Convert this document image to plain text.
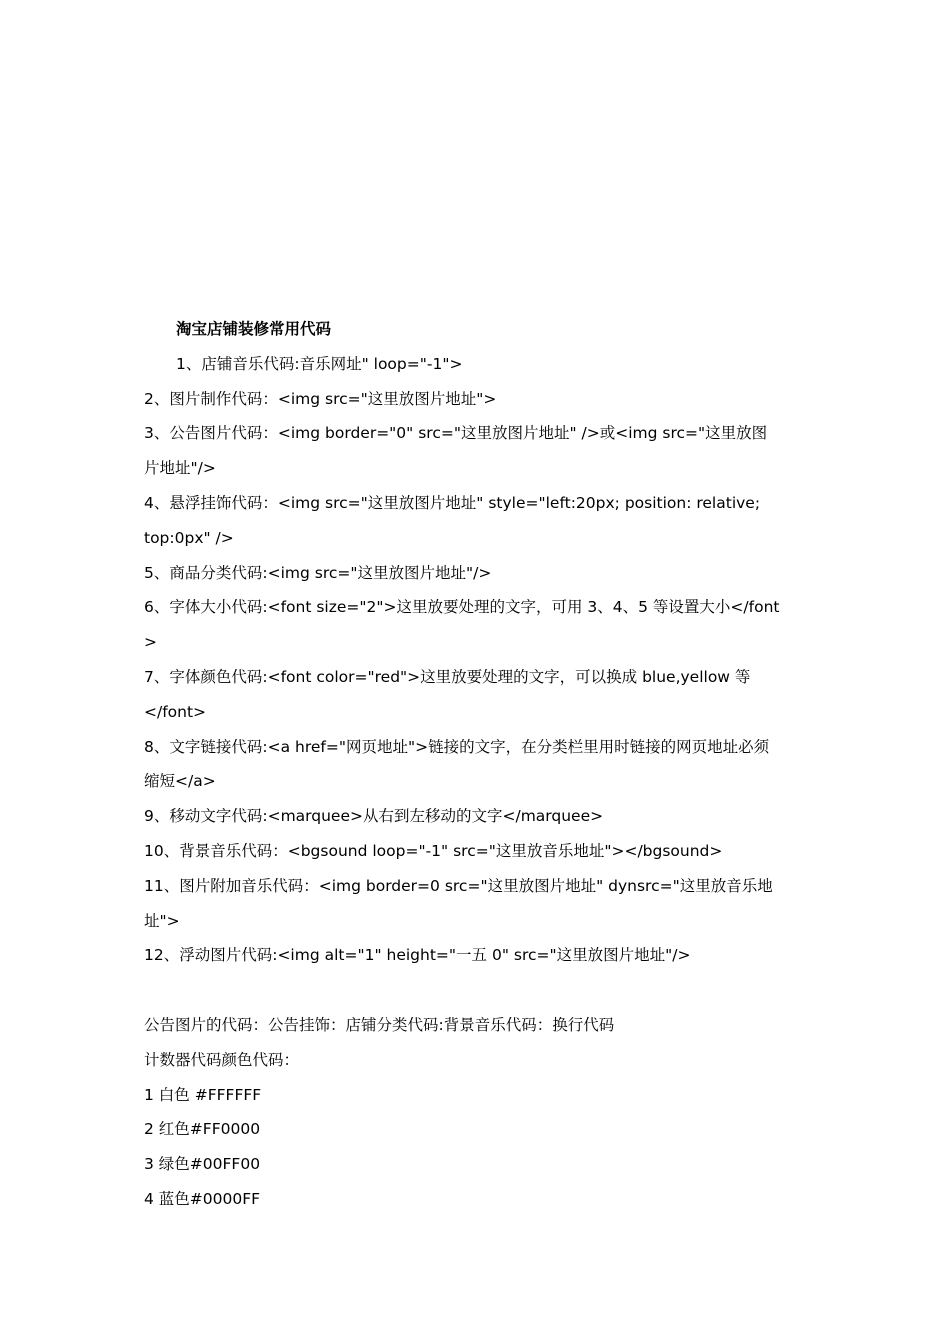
淘宝店铺装修常用代码
1、店铺音乐代码:音乐网址" loop="-1">
2、图片制作代码：<img src="这里放图片地址">
3、公告图片代码：<img border="0" src="这里放图片地址" />或<img src="这里放图
片地址"/>
4、悬浮挂饰代码：<img src="这里放图片地址" style="left:20px; position: relative;
top:0px" />
5、商品分类代码:<img src="这里放图片地址"/>
6、字体大小代码:<font size="2">这里放要处理的文字，可用 3、4、5 等设置大小</font
>
7、字体颜色代码:<font color="red">这里放要处理的文字，可以换成 blue,yellow 等
</font>
8、文字链接代码:<a href="网页地址">链接的文字，在分类栏里用时链接的网页地址必须
缩短</a>
9、移动文字代码:<marquee>从右到左移动的文字</marquee>
10、背景音乐代码：<bgsound loop="-1" src="这里放音乐地址"></bgsound>
11、图片附加音乐代码：<img border=0 src="这里放图片地址" dynsrc="这里放音乐地
址">
12、浮动图片代码:<img alt="1" height="一五 0" src="这里放图片地址"/>
公告图片的代码：公告挂饰：店铺分类代码:背景音乐代码：换行代码
计数器代码颜色代码：
1 白色 #FFFFFF
2 红色#FF0000
3 绿色#00FF00
4 蓝色#0000FF
